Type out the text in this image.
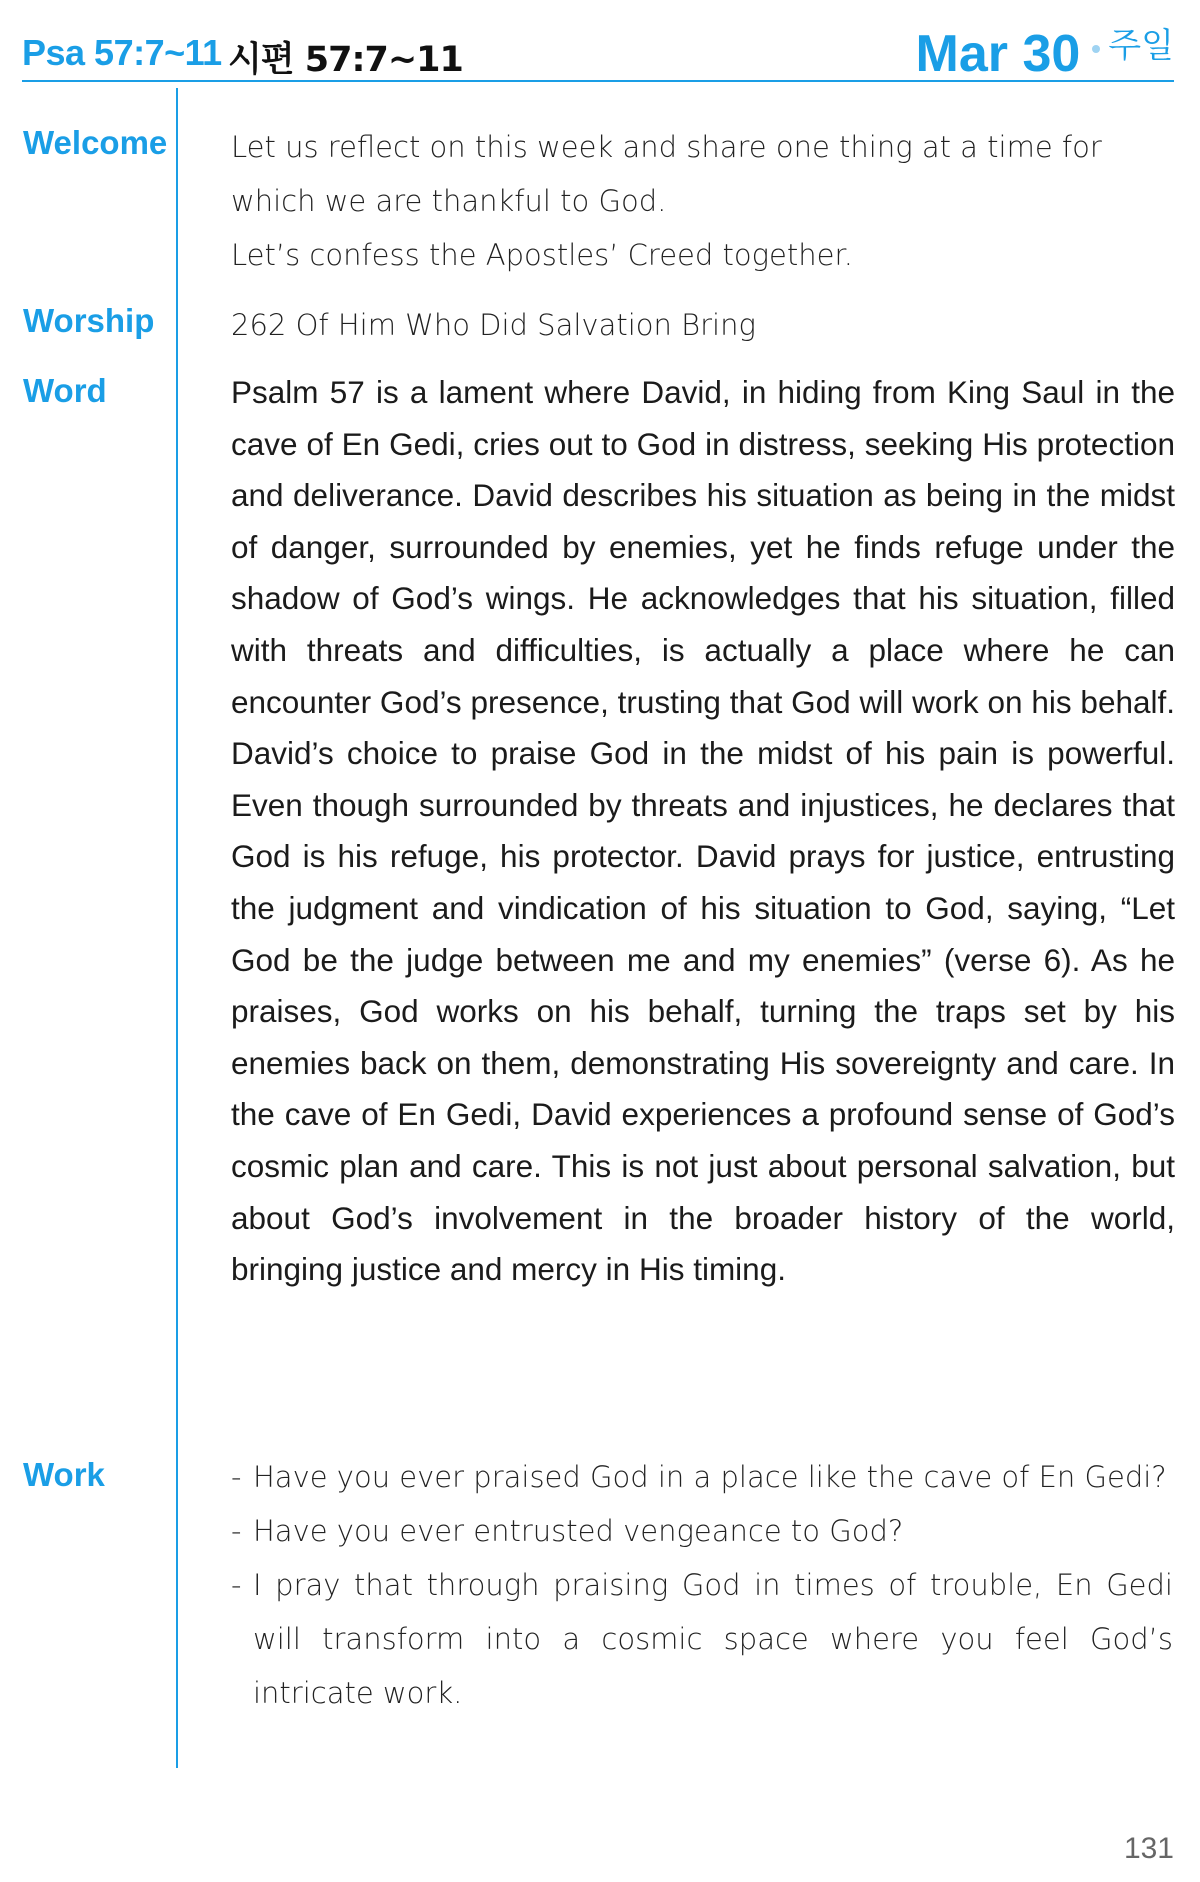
Psa 57:7~11 시편 57:7~11	Mar 30 주일
Welcome Let us reflect on this week and share one thing at a time for which we are thankful to God.

Let’s confess the Apostles’ Creed together.

Worship	262 Of Him Who Did Salvation Bring
Word	Psalm 57 is a lament where David, in hiding from King Saul in the cave of En Gedi, cries out to God in distress, seeking His protection and deliverance. David describes his situation as being in the midst of danger, surrounded by enemies, yet he finds refuge under the shadow of God’s wings. He acknowledges that his situation, filled with threats and difficulties, is actually a place where he can encounter God’s presence, trusting that God will work on his behalf. David’s choice to praise God in the midst of his pain is powerful. Even though surrounded by threats and injustices, he declares that God is his refuge, his protector. David prays for justice, entrusting the judgment and vindication of his situation to God, saying, “Let God be the judge between me and my enemies” (verse 6). As he praises, God works on his behalf, turning the traps set by his enemies back on them, demonstrating His sovereignty and care. In the cave of En Gedi, David experiences a profound sense of God’s cosmic plan and care. This is not just about personal salvation, but about God’s involvement in the broader history of the world, bringing justice and mercy in His timing.
Work	- Have you ever praised God in a place like the cave of En Gedi?
- Have you ever entrusted vengeance to God?
- I pray that through praising God in times of trouble, En Gedi will transform into a cosmic space where you feel God’s intricate work.
131
